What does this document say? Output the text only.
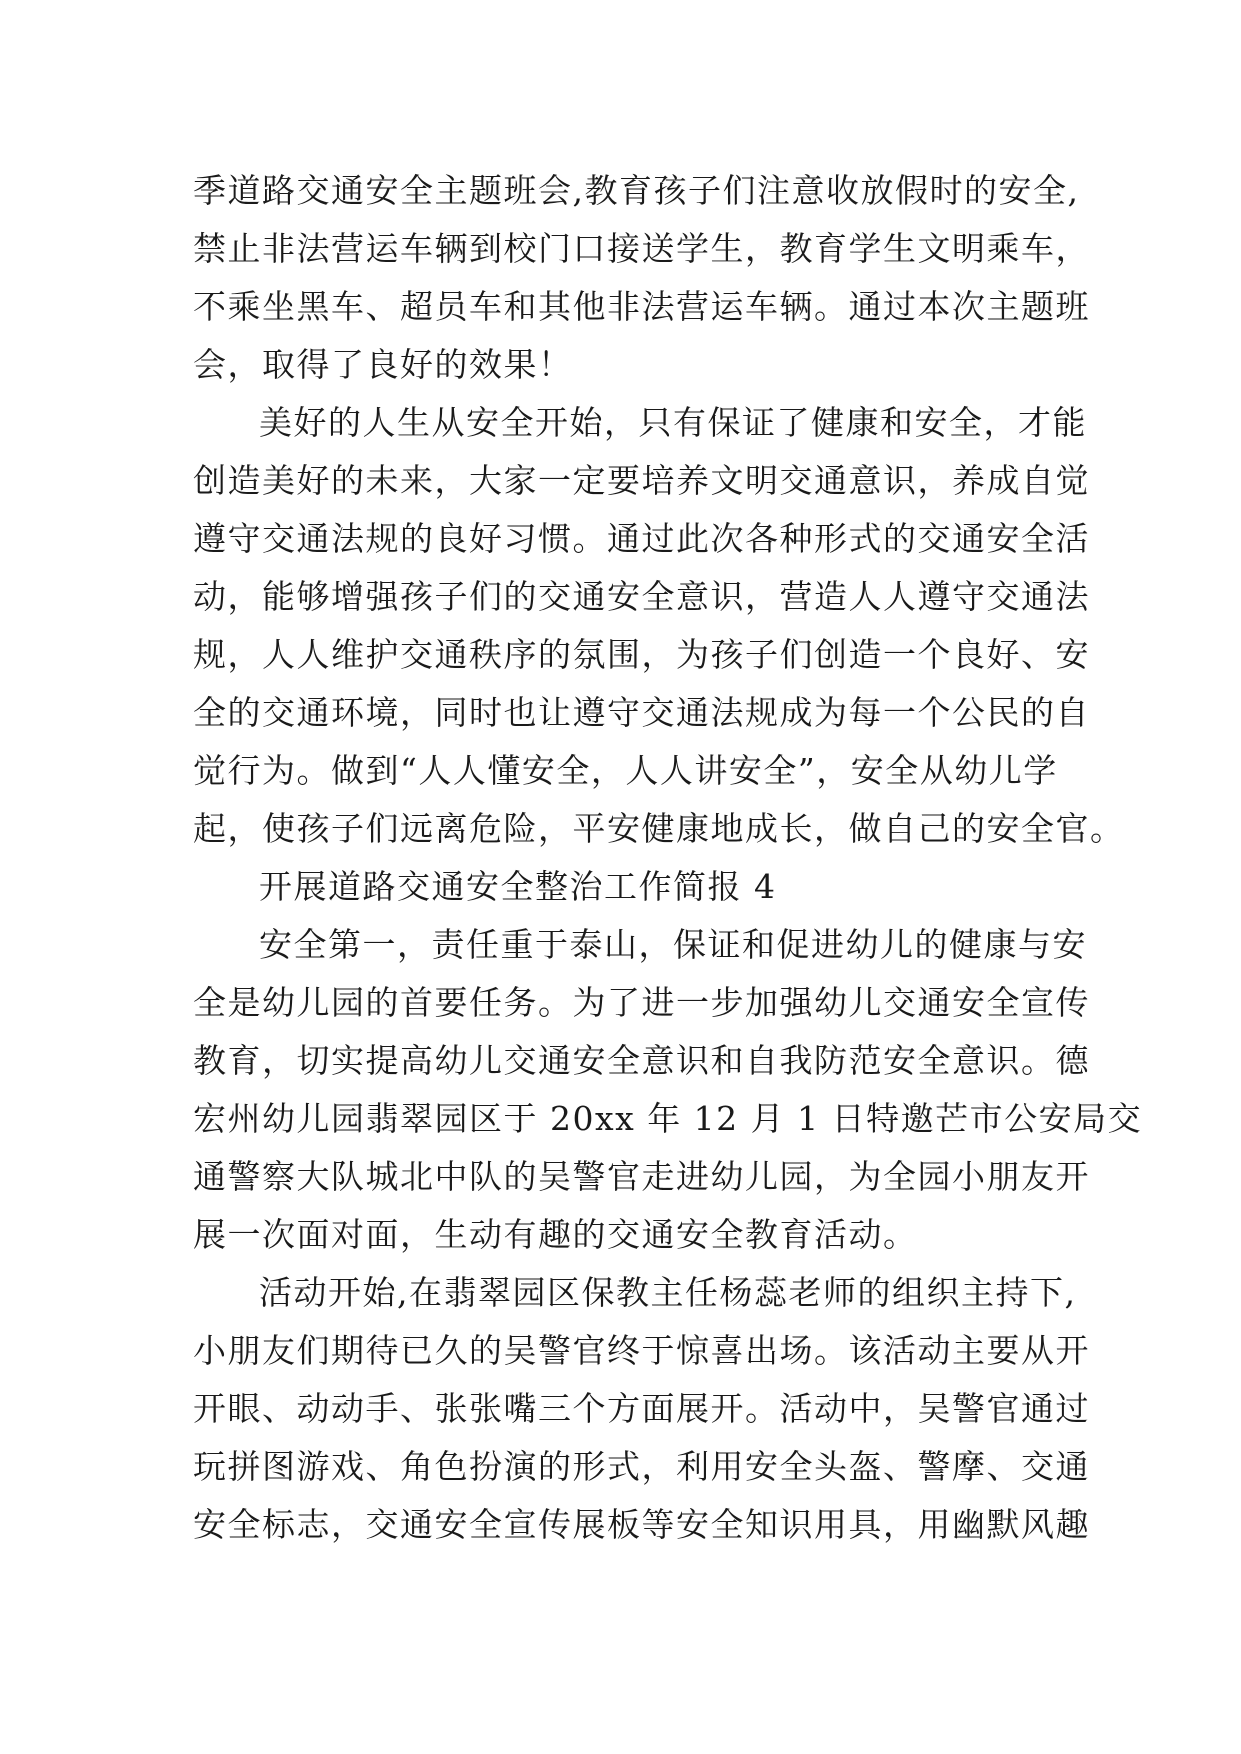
季道路交通安全主题班会,教育孩子们注意收放假时的安全,
禁止非法营运车辆到校门口接送学生，教育学生文明乘车，
不乘坐黑车、超员车和其他非法营运车辆。通过本次主题班
会，取得了良好的效果！
美好的人生从安全开始，只有保证了健康和安全，才能
创造美好的未来，大家一定要培养文明交通意识，养成自觉
遵守交通法规的良好习惯。通过此次各种形式的交通安全活
动，能够增强孩子们的交通安全意识，营造人人遵守交通法
规，人人维护交通秩序的氛围，为孩子们创造一个良好、安
全的交通环境，同时也让遵守交通法规成为每一个公民的自
觉行为。做到“人人懂安全，人人讲安全”，安全从幼儿学
起，使孩子们远离危险，平安健康地成长，做自己的安全官。
开展道路交通安全整治工作简报 4
安全第一，责任重于泰山，保证和促进幼儿的健康与安
全是幼儿园的首要任务。为了进一步加强幼儿交通安全宣传
教育，切实提高幼儿交通安全意识和自我防范安全意识。德
宏州幼儿园翡翠园区于 20xx 年 12 月 1 日特邀芒市公安局交
通警察大队城北中队的吴警官走进幼儿园，为全园小朋友开
展一次面对面，生动有趣的交通安全教育活动。
活动开始,在翡翠园区保教主任杨蕊老师的组织主持下,
小朋友们期待已久的吴警官终于惊喜出场。该活动主要从开
开眼、动动手、张张嘴三个方面展开。活动中，吴警官通过
玩拼图游戏、角色扮演的形式，利用安全头盔、警摩、交通
安全标志，交通安全宣传展板等安全知识用具，用幽默风趣
